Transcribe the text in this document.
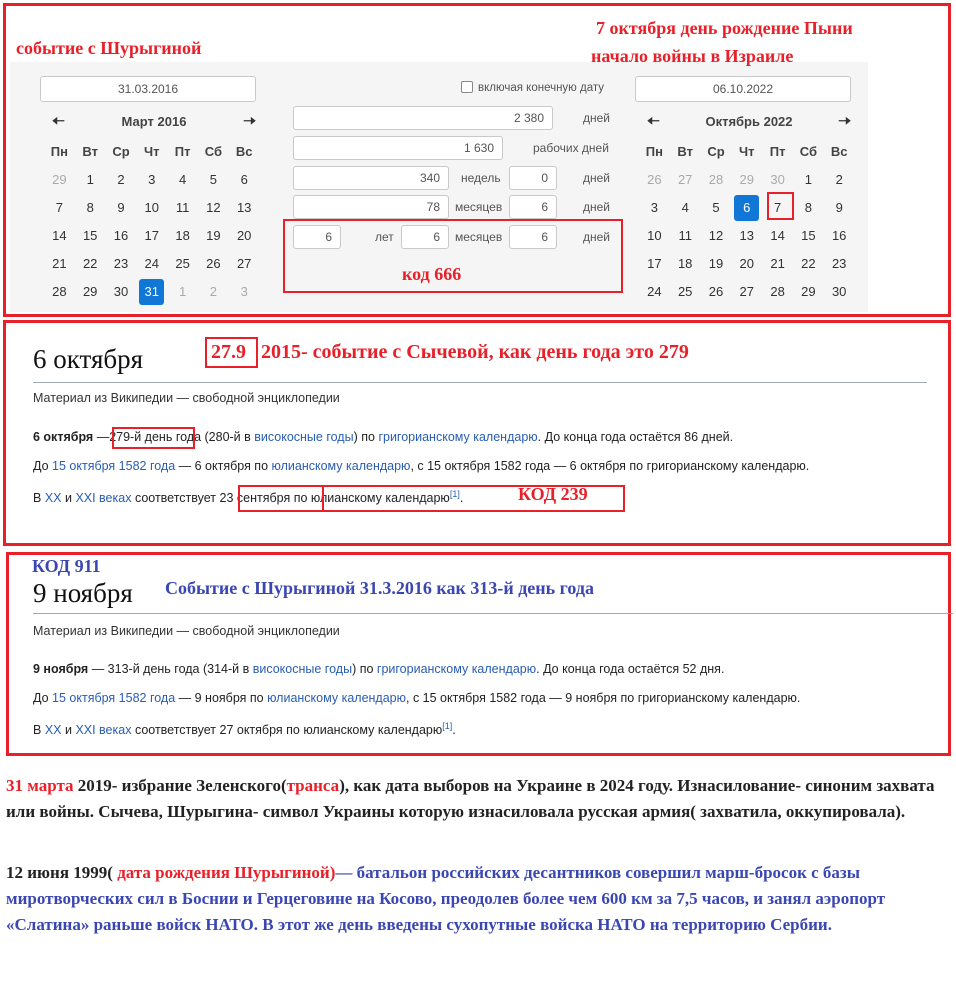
31.03.2016	включая конечную дату	06.10.2022
🠠	Март 2016	🠢
Пн	Вт	Ср	Чт	Пт	Сб	Вс
29	1	2	3	4	5	6
7	8	9	10	11	12	13
14	15	16	17	18	19	20
21	22	23	24	25	26	27
28	29	30	31	1	2	3
🠠	Октябрь 2022	🠢
Пн	Вт	Ср	Чт	Пт	Сб	Вс
26	27	28	29	30	1	2
3	4	5	6	7	8	9
10	11	12	13	14	15	16
17	18	19	20	21	22	23
24	25	26	27	28	29	30
2 380	дней
1 630	рабочих дней
340	недель	0	дней
78	месяцев	6	дней
6	лет	6	месяцев	6	дней
событие с Шурыгиной
7 октября день рождение Пыни
начало войны в Израиле
код 666
6 октября	27.9 2015- событие с Сычевой, как день года это 279
Материал из Википедии — свободной энциклопедии
6 октября —279-й день года (280-й в високосные годы) по григорианскому календарю. До конца года остаётся 86 дней.
До 15 октября 1582 года — 6 октября по юлианскому календарю, с 15 октября 1582 года — 6 октября по григорианскому календарю.
В XX и XXI веках соответствует 23 сентября по юлианскому календарю[1].	КОД 239
КОД 911
9 ноября Событие с Шурыгиной 31.3.2016 как 313-й день года
Материал из Википедии — свободной энциклопедии
9 ноября — 313-й день года (314-й в високосные годы) по григорианскому календарю. До конца года остаётся 52 дня.
До 15 октября 1582 года — 9 ноября по юлианскому календарю, с 15 октября 1582 года — 9 ноября по григорианскому календарю.
В XX и XXI веках соответствует 27 октября по юлианскому календарю[1].
31 марта 2019- избрание Зеленского(транса), как дата выборов на Украине в 2024 году. Изнасилование- синоним захвата или войны. Сычева, Шурыгина- символ Украины которую изнасиловала русская армия( захватила, оккупировала).
12 июня 1999( дата рождения Шурыгиной)— батальон российских десантников совершил марш-бросок с базы миротворческих сил в Боснии и Герцеговине на Косово, преодолев более чем 600 км за 7,5 часов, и занял аэропорт «Слатина» раньше войск НАТО. В этот же день введены сухопутные войска НАТО на территорию Сербии.
